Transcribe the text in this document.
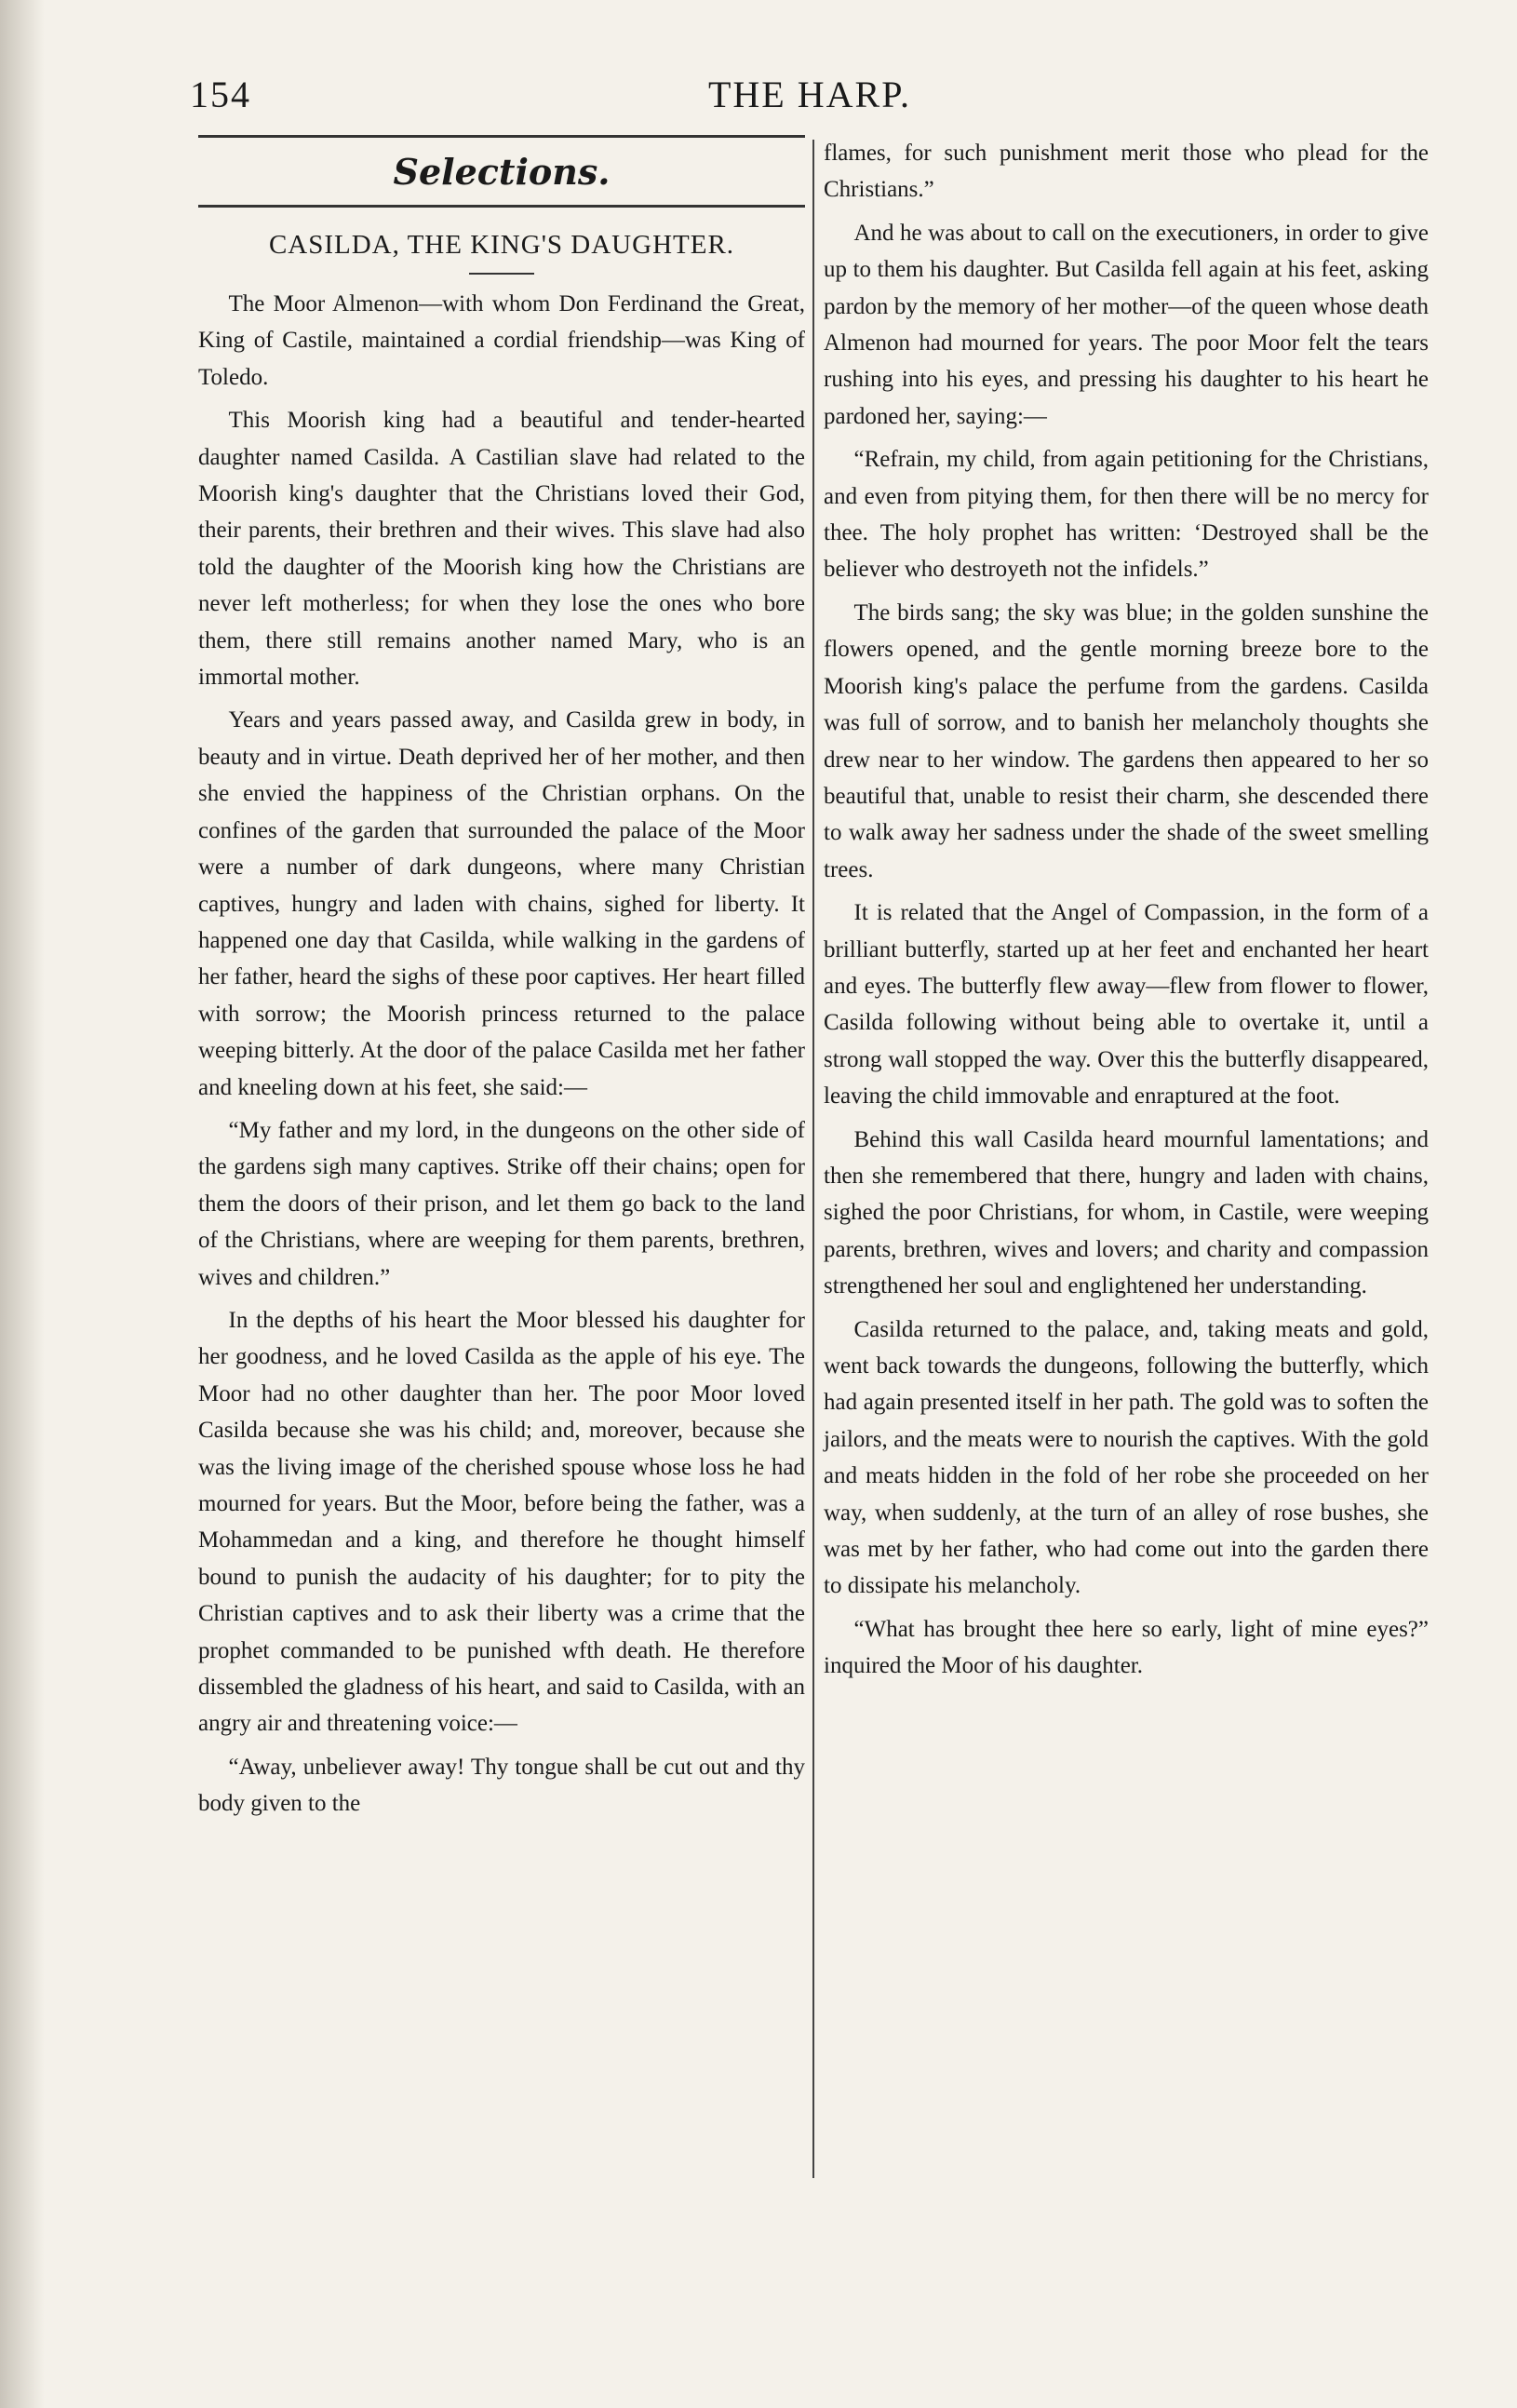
154	THE HARP.
Selections.
CASILDA, THE KING'S DAUGHTER.

The Moor Almenon—with whom Don Ferdinand the Great, King of Castile, maintained a cordial friendship—was King of Toledo.

This Moorish king had a beautiful and tender-hearted daughter named Casilda. A Castilian slave had related to the Moorish king's daughter that the Christians loved their God, their parents, their brethren and their wives. This slave had also told the daughter of the Moorish king how the Christians are never left motherless; for when they lose the ones who bore them, there still remains another named Mary, who is an immortal mother.

Years and years passed away, and Casilda grew in body, in beauty and in virtue. Death deprived her of her mother, and then she envied the happiness of the Christian orphans. On the confines of the garden that surrounded the palace of the Moor were a number of dark dungeons, where many Christian captives, hungry and laden with chains, sighed for liberty. It happened one day that Casilda, while walking in the gardens of her father, heard the sighs of these poor captives. Her heart filled with sorrow; the Moorish princess returned to the palace weeping bitterly. At the door of the palace Casilda met her father and kneeling down at his feet, she said:—

“My father and my lord, in the dungeons on the other side of the gardens sigh many captives. Strike off their chains; open for them the doors of their prison, and let them go back to the land of the Christians, where are weeping for them parents, brethren, wives and children.”

In the depths of his heart the Moor blessed his daughter for her goodness, and he loved Casilda as the apple of his eye. The Moor had no other daughter than her. The poor Moor loved Casilda because she was his child; and, moreover, because she was the living image of the cherished spouse whose loss he had mourned for years. But the Moor, before being the father, was a Mohammedan and a king, and therefore he thought himself bound to punish the audacity of his daughter; for to pity the Christian captives and to ask their liberty was a crime that the prophet commanded to be punished wfth death. He therefore dissembled the gladness of his heart, and said to Casilda, with an angry air and threatening voice:—

“Away, unbeliever away! Thy tongue shall be cut out and thy body given to the

flames, for such punishment merit those who plead for the Christians.”

And he was about to call on the executioners, in order to give up to them his daughter. But Casilda fell again at his feet, asking pardon by the memory of her mother—of the queen whose death Almenon had mourned for years. The poor Moor felt the tears rushing into his eyes, and pressing his daughter to his heart he pardoned her, saying:—

“Refrain, my child, from again petitioning for the Christians, and even from pitying them, for then there will be no mercy for thee. The holy prophet has written: ‘Destroyed shall be the believer who destroyeth not the infidels.”

The birds sang; the sky was blue; in the golden sunshine the flowers opened, and the gentle morning breeze bore to the Moorish king's palace the perfume from the gardens. Casilda was full of sorrow, and to banish her melancholy thoughts she drew near to her window. The gardens then appeared to her so beautiful that, unable to resist their charm, she descended there to walk away her sadness under the shade of the sweet smelling trees.

It is related that the Angel of Compassion, in the form of a brilliant butterfly, started up at her feet and enchanted her heart and eyes. The butterfly flew away—flew from flower to flower, Casilda following without being able to overtake it, until a strong wall stopped the way. Over this the butterfly disappeared, leaving the child immovable and enraptured at the foot.

Behind this wall Casilda heard mournful lamentations; and then she remembered that there, hungry and laden with chains, sighed the poor Christians, for whom, in Castile, were weeping parents, brethren, wives and lovers; and charity and compassion strengthened her soul and englightened her understanding.

Casilda returned to the palace, and, taking meats and gold, went back towards the dungeons, following the butterfly, which had again presented itself in her path. The gold was to soften the jailors, and the meats were to nourish the captives. With the gold and meats hidden in the fold of her robe she proceeded on her way, when suddenly, at the turn of an alley of rose bushes, she was met by her father, who had come out into the garden there to dissipate his melancholy.

“What has brought thee here so early, light of mine eyes?” inquired the Moor of his daughter.
